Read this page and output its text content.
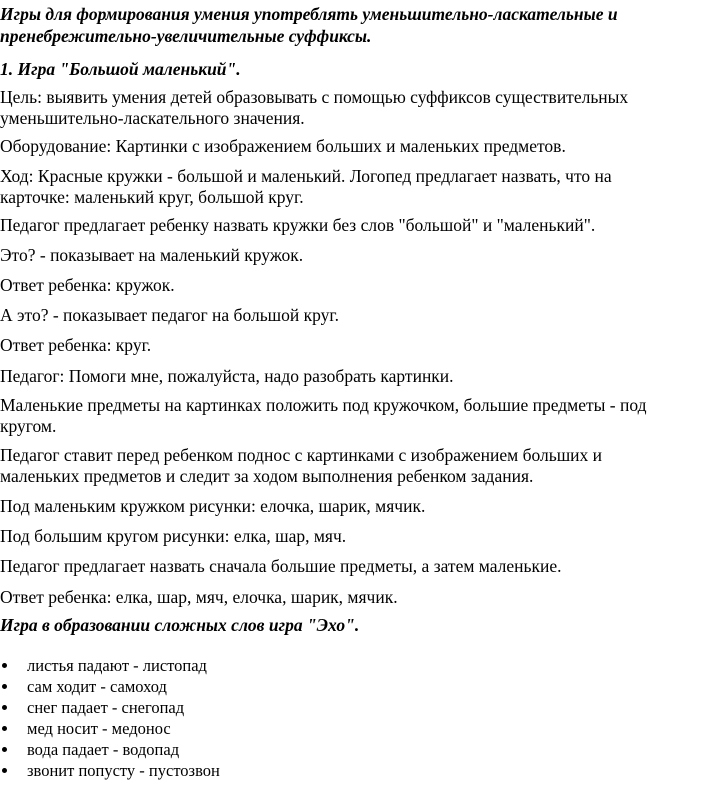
Игры для формирования умения употреблять уменьшительно-ласкательные и
пренебрежительно-увеличительные суффиксы.
1. Игра "Большой маленький".
Цель: выявить умения детей образовывать с помощью суффиксов существительных
уменьшительно-ласкательного значения.
Оборудование: Картинки с изображением больших и маленьких предметов.
Ход: Красные кружки - большой и маленький. Логопед предлагает назвать, что на
карточке: маленький круг, большой круг.
Педагог предлагает ребенку назвать кружки без слов "большой" и "маленький".
Это? - показывает на маленький кружок.
Ответ ребенка: кружок.
А это? - показывает педагог на большой круг.
Ответ ребенка: круг.
Педагог: Помоги мне, пожалуйста, надо разобрать картинки.
Маленькие предметы на картинках положить под кружочком, большие предметы - под
кругом.
Педагог ставит перед ребенком поднос с картинками с изображением больших и
маленьких предметов и следит за ходом выполнения ребенком задания.
Под маленьким кружком рисунки: елочка, шарик, мячик.
Под большим кругом рисунки: елка, шар, мяч.
Педагог предлагает назвать сначала большие предметы, а затем маленькие.
Ответ ребенка: елка, шар, мяч, елочка, шарик, мячик.
Игра в образовании сложных слов игра "Эхо".
листья падают - листопад
сам ходит - самоход
снег падает - снегопад
мед носит - медонос
вода падает - водопад
звонит попусту - пустозвон
